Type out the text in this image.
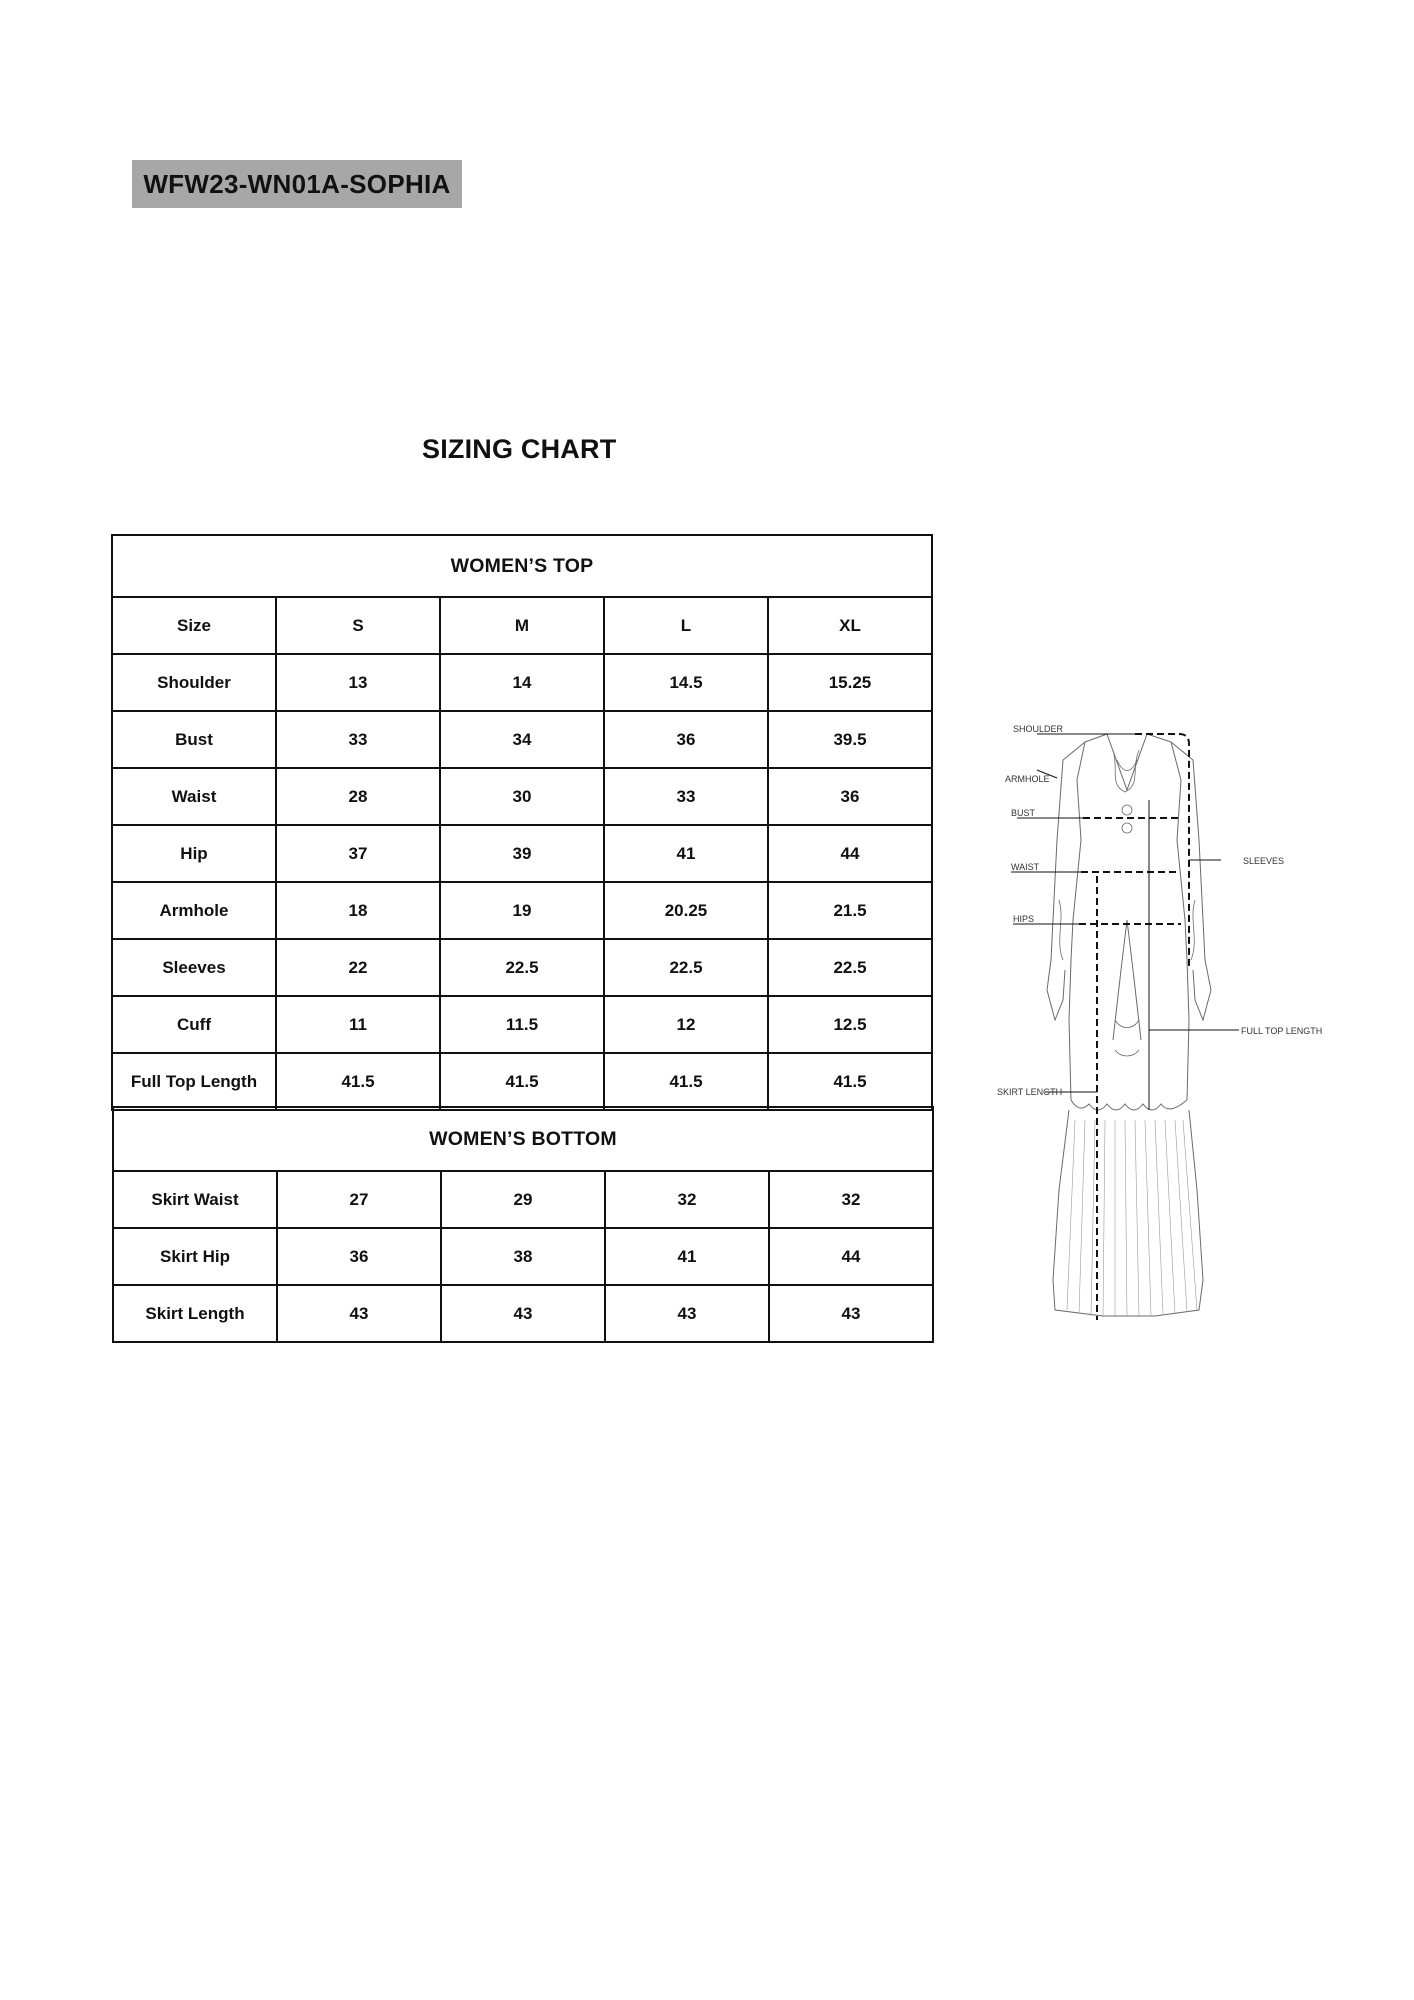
WFW23-WN01A-SOPHIA
SIZING CHART
WOMEN’S TOP				
Size	S	M	L	XL
Shoulder	13	14	14.5	15.25
Bust	33	34	36	39.5
Waist	28	30	33	36
Hip	37	39	41	44
Armhole	18	19	20.25	21.5
Sleeves	22	22.5	22.5	22.5
Cuff	11	11.5	12	12.5
Full Top Length	41.5	41.5	41.5	41.5
WOMEN’S BOTTOM				
Skirt Waist	27	29	32	32
Skirt Hip	36	38	41	44
Skirt Length	43	43	43	43
SHOULDER
ARMHOLE
BUST
WAIST
HIPS
SLEEVES
FULL TOP LENGTH
SKIRT LENGTH
